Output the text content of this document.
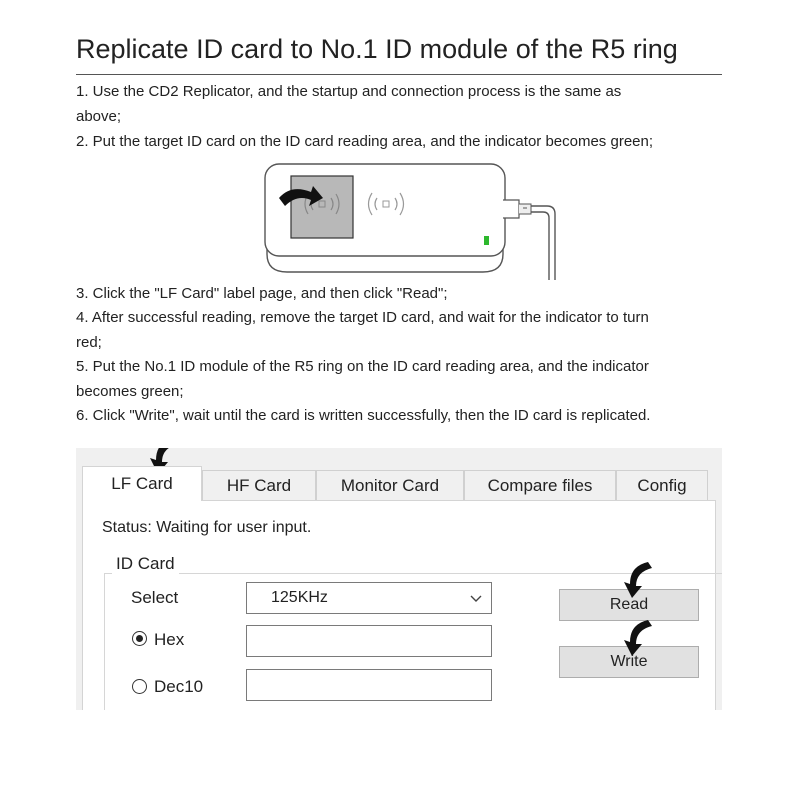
Replicate ID card to No.1 ID module of the R5 ring
1. Use the CD2 Replicator, and the startup and connection process is the same as
above;
2. Put the target ID card on the ID card reading area, and the indicator becomes green;
3. Click the "LF Card" label page, and then click "Read";
4. After successful reading, remove the target ID card, and wait for the indicator to turn
red;
5. Put the No.1 ID module of the R5 ring on the ID card reading area, and the indicator
becomes green;
6. Click "Write", wait until the card is written successfully, then the ID card is replicated.
LF Card	HF Card	Monitor Card	Compare files	Config
Status: Waiting for user input.
ID Card
Select	125KHz
Hex
Dec10
Read
Write
